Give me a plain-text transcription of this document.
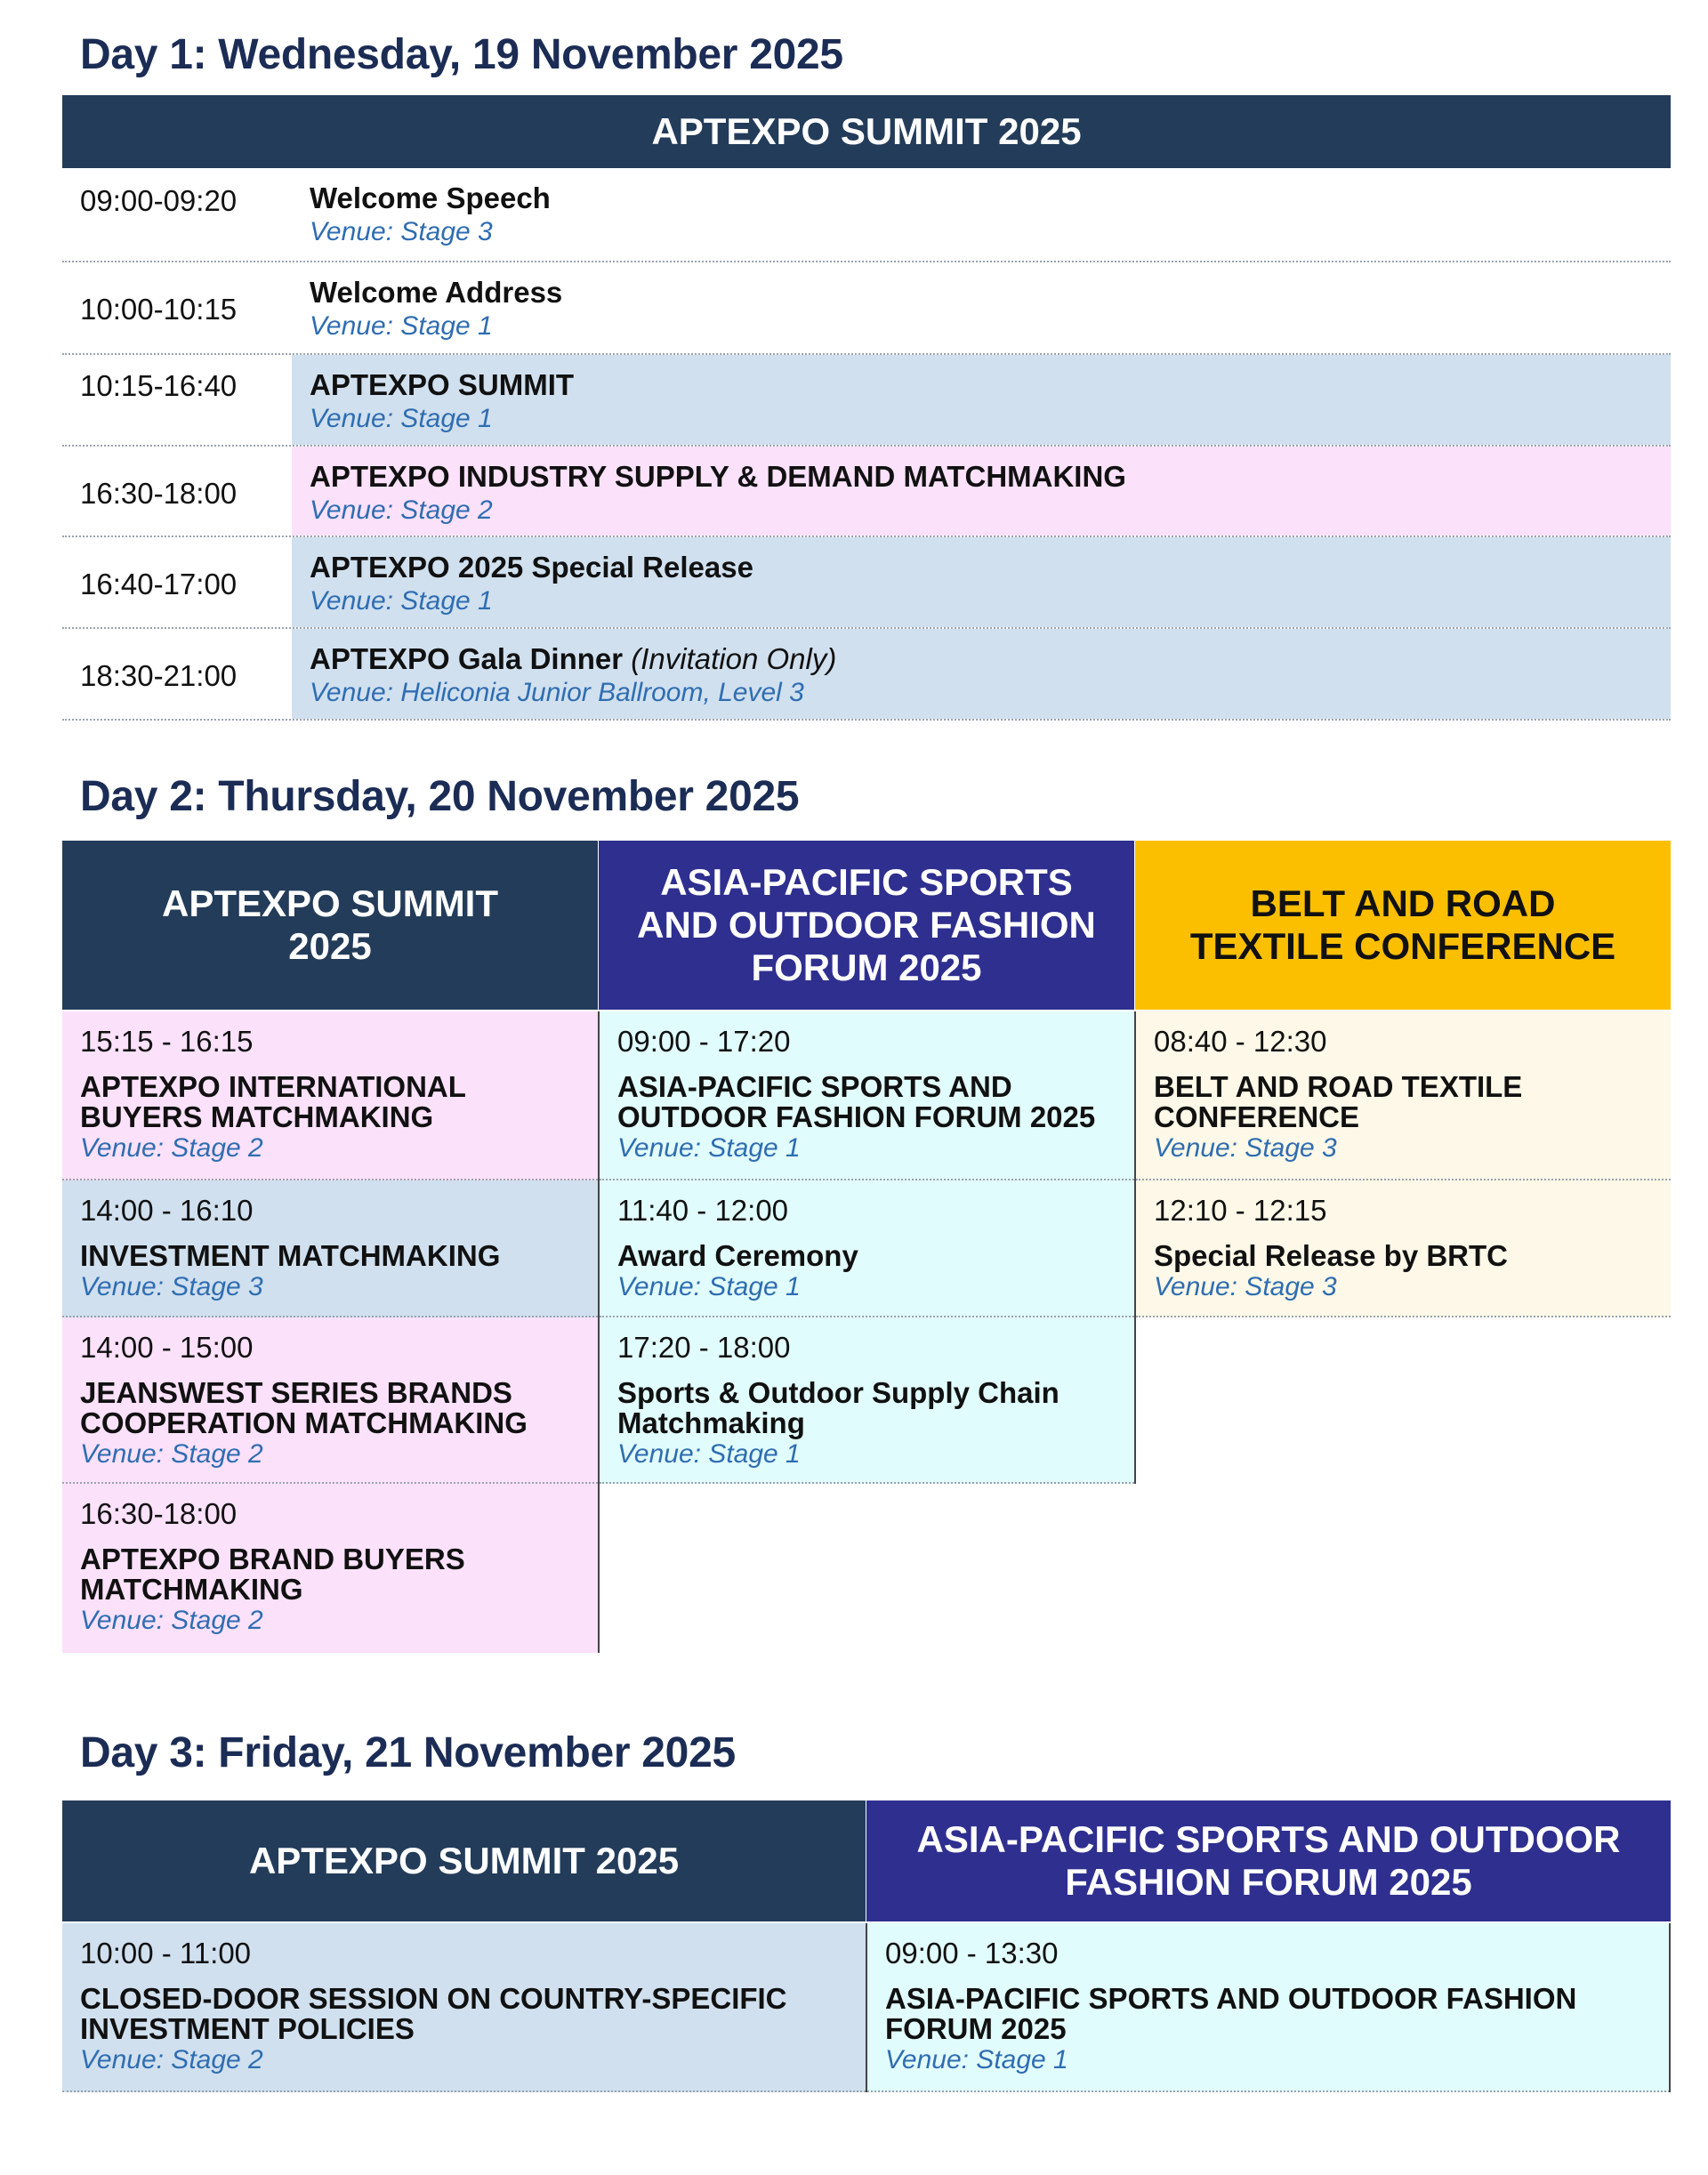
Day 1: Wednesday, 19 November 2025
APTEXPO SUMMIT 2025
09:00-09:20 Welcome Speech
Venue: Stage 3
10:00-10:15
Welcome Address
Venue: Stage 1
10:15-16:40 APTEXPO SUMMIT
Venue: Stage 1
16:30-18:00
APTEXPO INDUSTRY SUPPLY & DEMAND MATCHMAKING
Venue: Stage 2
16:40-17:00
APTEXPO 2025 Special Release
Venue: Stage 1
18:30-21:00
APTEXPO Gala Dinner (Invitation Only)
Venue: Heliconia Junior Ballroom, Level 3
Day 2: Thursday, 20 November 2025
APTEXPO SUMMIT 2025
ASIA-PACIFIC SPORTS AND OUTDOOR FASHION FORUM 2025
BELT AND ROAD TEXTILE CONFERENCE
15:15 - 16:15
APTEXPO INTERNATIONAL BUYERS MATCHMAKING
Venue: Stage 2
14:00 - 16:10
INVESTMENT MATCHMAKING
Venue: Stage 3
14:00 - 15:00
JEANSWEST SERIES BRANDS COOPERATION MATCHMAKING
Venue: Stage 2
16:30-18:00
APTEXPO BRAND BUYERS MATCHMAKING
Venue: Stage 2
09:00 - 17:20
ASIA-PACIFIC SPORTS AND OUTDOOR FASHION FORUM 2025
Venue: Stage 1
11:40 - 12:00
Award Ceremony
Venue: Stage 1
17:20 - 18:00
Sports & Outdoor Supply Chain Matchmaking
Venue: Stage 1
08:40 - 12:30
BELT AND ROAD TEXTILE CONFERENCE
Venue: Stage 3
12:10 - 12:15
Special Release by BRTC
Venue: Stage 3
Day 3: Friday, 21 November 2025
APTEXPO SUMMIT 2025
ASIA-PACIFIC SPORTS AND OUTDOOR FASHION FORUM 2025
10:00 - 11:00
CLOSED-DOOR SESSION ON COUNTRY-SPECIFIC INVESTMENT POLICIES
Venue: Stage 2
09:00 - 13:30
ASIA-PACIFIC SPORTS AND OUTDOOR FASHION FORUM 2025
Venue: Stage 1
